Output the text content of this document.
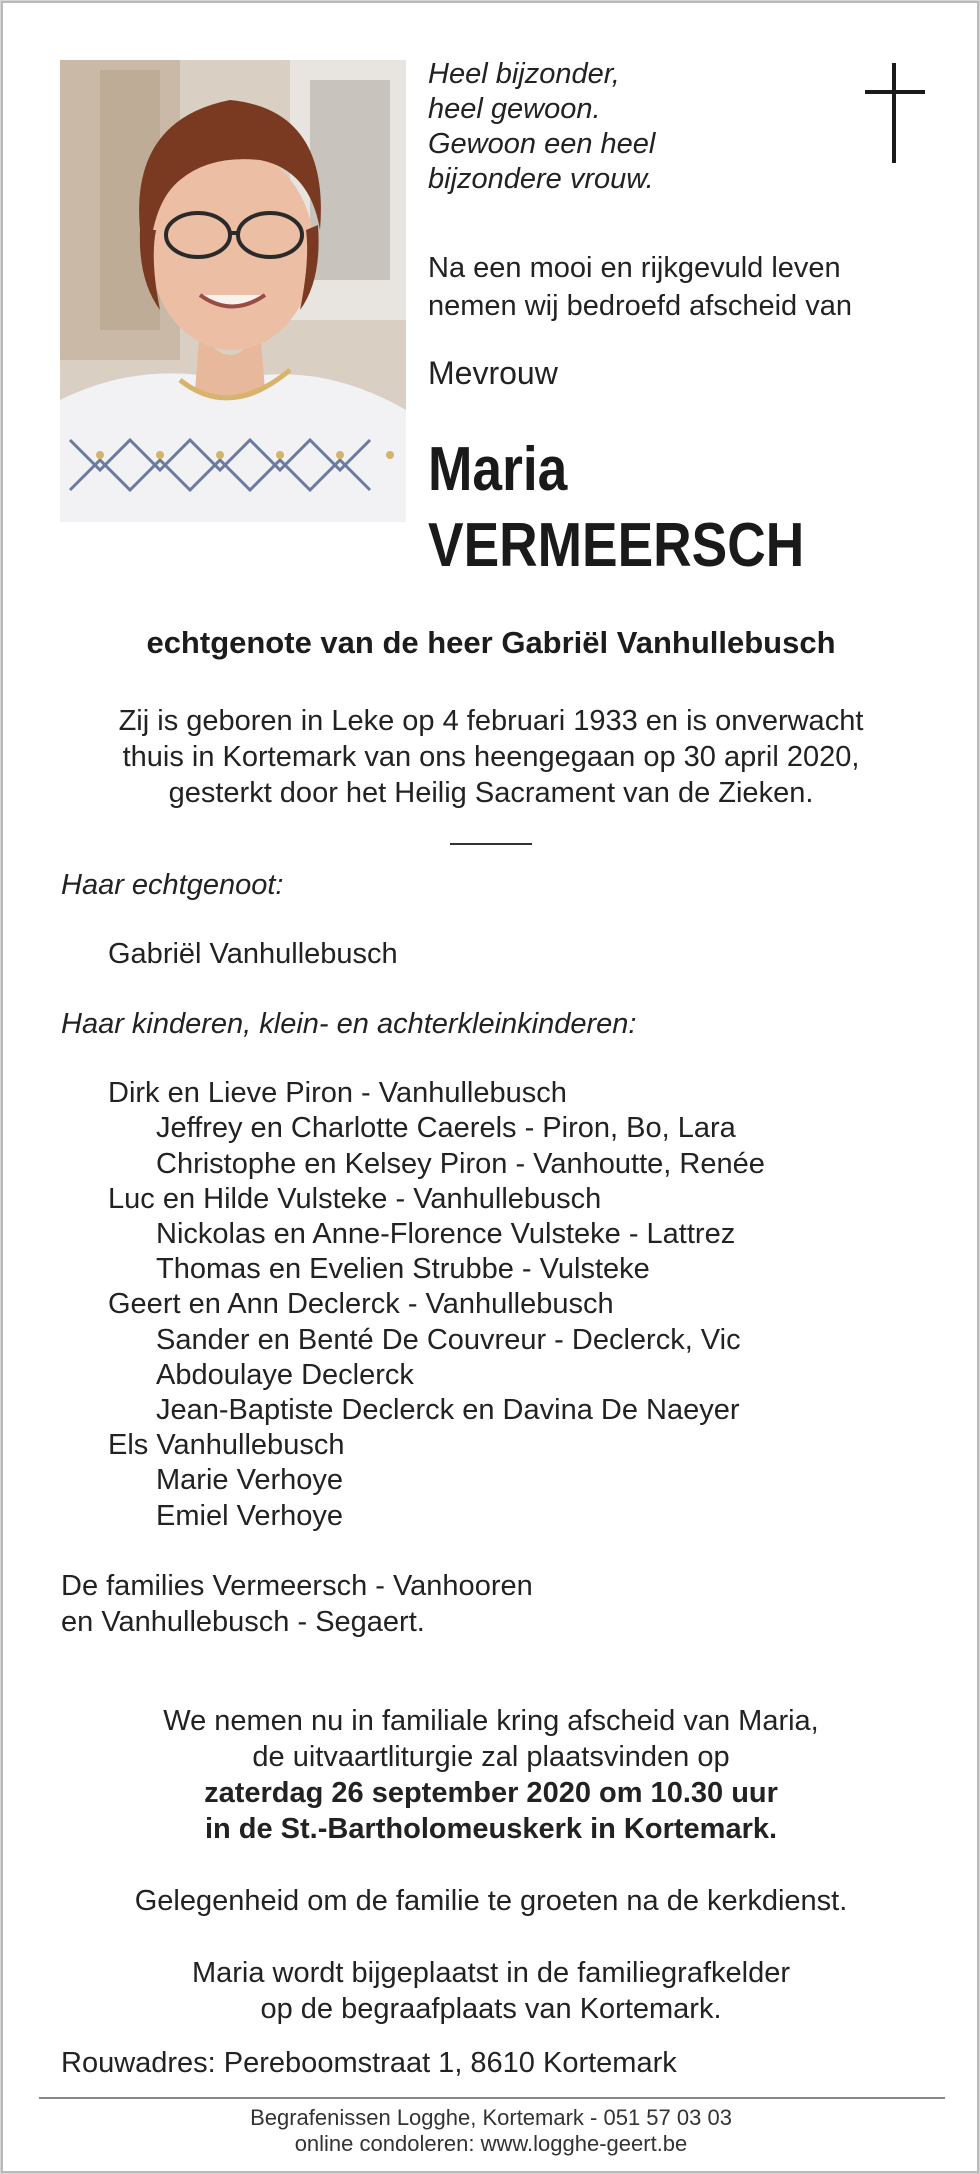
Heel bijzonder,
heel gewoon.
Gewoon een heel
bijzondere vrouw.
Na een mooi en rijkgevuld leven
nemen wij bedroefd afscheid van
Mevrouw
Maria
VERMEERSCH
echtgenote van de heer Gabriël Vanhullebusch
Zij is geboren in Leke op 4 februari 1933 en is onverwacht
thuis in Kortemark van ons heengegaan op 30 april 2020,
gesterkt door het Heilig Sacrament van de Zieken.
Haar echtgenoot:
Gabriël Vanhullebusch
Haar kinderen, klein- en achterkleinkinderen:
Dirk en Lieve Piron - Vanhullebusch
Jeffrey en Charlotte Caerels - Piron, Bo, Lara
Christophe en Kelsey Piron - Vanhoutte, Renée
Luc en Hilde Vulsteke - Vanhullebusch
Nickolas en Anne-Florence Vulsteke - Lattrez
Thomas en Evelien Strubbe - Vulsteke
Geert en Ann Declerck - Vanhullebusch
Sander en Benté De Couvreur - Declerck, Vic
Abdoulaye Declerck
Jean-Baptiste Declerck en Davina De Naeyer
Els Vanhullebusch
Marie Verhoye
Emiel Verhoye
De families Vermeersch - Vanhooren
en Vanhullebusch - Segaert.
We nemen nu in familiale kring afscheid van Maria,
de uitvaartliturgie zal plaatsvinden op
zaterdag 26 september 2020 om 10.30 uur
in de St.-Bartholomeuskerk in Kortemark.
Gelegenheid om de familie te groeten na de kerkdienst.
Maria wordt bijgeplaatst in de familiegrafkelder
op de begraafplaats van Kortemark.
Rouwadres: Pereboomstraat 1, 8610 Kortemark
Begrafenissen Logghe, Kortemark - 051 57 03 03
online condoleren: www.logghe-geert.be
